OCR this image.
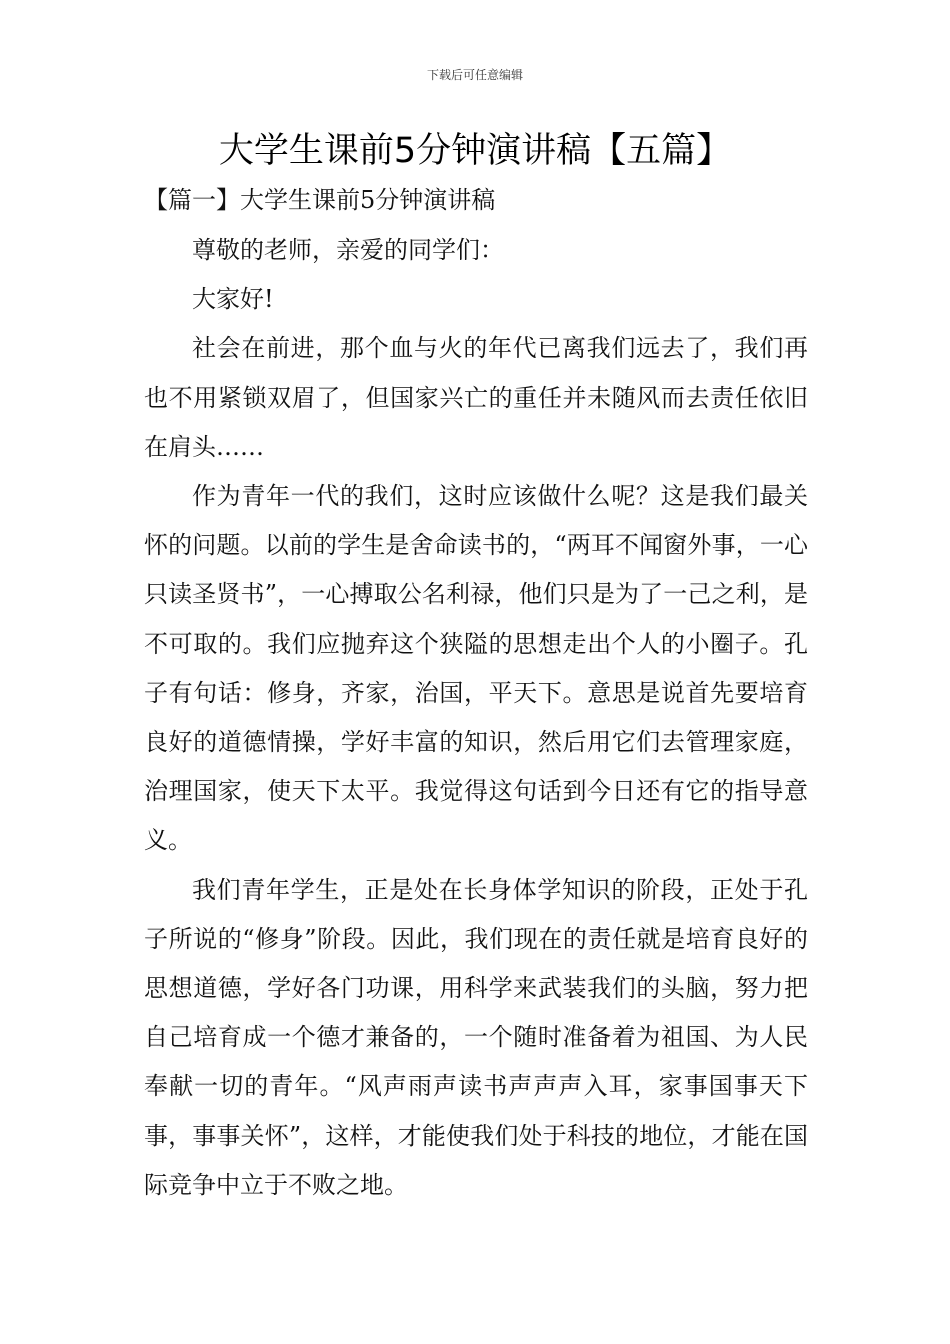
下载后可任意编辑
大学生课前5分钟演讲稿【五篇】
【篇一】大学生课前5分钟演讲稿

尊敬的老师，亲爱的同学们：

大家好!

社会在前进，那个血与火的年代已离我们远去了，我们再也不用紧锁双眉了，但国家兴亡的重任并未随风而去责任依旧在肩头……

作为青年一代的我们，这时应该做什么呢？这是我们最关怀的问题。以前的学生是舍命读书的，“两耳不闻窗外事，一心只读圣贤书”，一心搏取公名利禄，他们只是为了一己之利，是不可取的。我们应抛弃这个狭隘的思想走出个人的小圈子。孔子有句话：修身，齐家，治国，平天下。意思是说首先要培育良好的道德情操，学好丰富的知识，然后用它们去管理家庭，治理国家，使天下太平。我觉得这句话到今日还有它的指导意义。

我们青年学生，正是处在长身体学知识的阶段，正处于孔子所说的“修身”阶段。因此，我们现在的责任就是培育良好的思想道德，学好各门功课，用科学来武装我们的头脑，努力把自己培育成一个德才兼备的，一个随时准备着为祖国、为人民奉献一切的青年。“风声雨声读书声声声入耳，家事国事天下事，事事关怀”，这样，才能使我们处于科技的地位，才能在国际竞争中立于不败之地。
